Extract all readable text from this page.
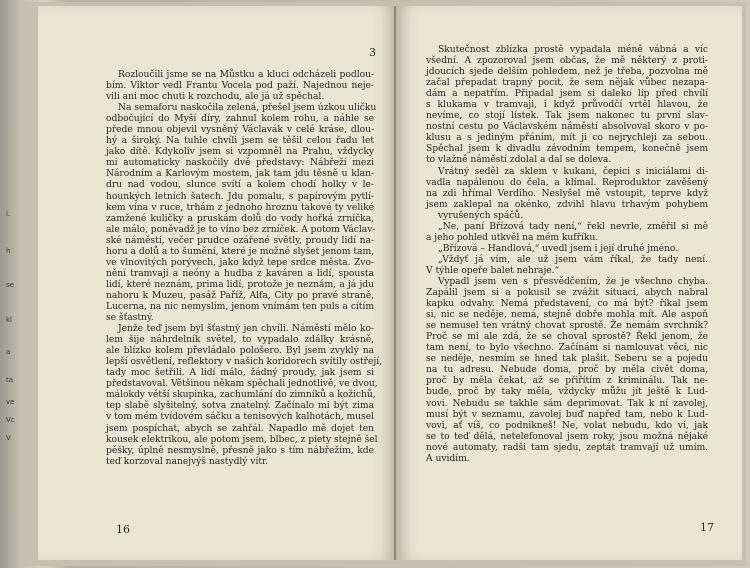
i.
h
se
kl
a
ta
ve
Vc
V
3
Rozloučili jsme se na Můstku a kluci odcházeli podlou-
bím. Viktor vedl Frantu Vocela pod paží. Najednou neje-
vili ani moc chuti k rozchodu, ale já už spěchal.
Na semaforu naskočila zelená, přešel jsem úzkou uličku
odbočující do Myší díry, zahnul kolem rohu, a náhle se
přede mnou objevil vysněný Václavák v celé kráse, dlou-
hý a široký. Na tuhle chvíli jsem se těšil celou řadu let
jako dítě. Kdykoliv jsem si vzpomněl na Prahu, vždycky
mi automaticky naskočily dvě představy: Nábřeží mezi
Národním a Karlovým mostem, jak tam jdu těsně u klan-
dru nad vodou, slunce svítí a kolem chodí holky v le-
hounkých letních šatech. Jdu pomalu, s papírovým pytlí-
kem vína v ruce, trhám z jednoho hroznu takové ty veliké
zamžené kuličky a pruskám dolů do vody hořká zrníčka,
ale málo, poněvadž je to víno bez zrníček. A potom Václav-
ské náměstí, večer prudce ozářené světly, proudy lidí na-
horu a dolů a to šumění, které je možné slyšet jenom tam,
ve vlnovitých porývech, jako když tepe srdce města. Zvo-
nění tramvají a neóny a hudba z kaváren a lidí, spousta
lidí, které neznám, prima lidí, protože je neznám, a já jdu
nahoru k Muzeu, pasáž Paříž, Alfa, City po pravé straně,
Lucerna, na nic nemyslím, jenom vnímám ten puls a cítím
se šťastný.
Jenže teď jsem byl šťastný jen chvíli. Náměstí mělo ko-
lem šije náhrdelník světel, to vypadalo zdálky krásně,
ale blízko kolem převládalo pološero. Byl jsem zvyklý na
lepší osvětlení, reflektory v našich koridorech svítily ostřejí,
tady moc šetřili. A lidí málo, žádný proudy, jak jsem si
představoval. Většinou někam spěchali jednotlivě, ve dvou,
málokdy větší skupinka, zachumlání do zimníků a kožichů,
tep slabě slyšitelný, sotva znatelný. Začínalo mi být zima
v tom mém tvídovém sáčku a tenisových kalhotách, musel
jsem pospíchat, abych se zahřál. Napadlo mě dojet ten
kousek elektrikou, ale potom jsem, blbec, z piety stejně šel
pěšky, úplně nesmyslně, přesně jako s tím nábřežím, kde
teď korzoval nanejvýš nastydlý vítr.
16
Skutečnost zblízka prostě vypadala méně vábná a víc
všední. A zpozoroval jsem občas, že mě některý z proti-
jdoucích sjede delším pohledem, než je třeba, pozvolna mě
začal přepadat trapný pocit, že sem nějak vůbec nezapa-
dám a nepatřím. Připadal jsem si daleko líp před chvílí
s klukama v tramvaji, i když průvodčí vrtěl hlavou, že
nevíme, co stojí lístek. Tak jsem nakonec tu první slav-
nostní cestu po Václavském náměstí absolvoval skoro v po-
klusu a s jediným přáním, mít ji co nejrychleji za sebou.
Spěchal jsem k divadlu závodním tempem, konečně jsem
to vlažně náměstí zdolal a dal se doleva.
Vrátný seděl za sklem v kukani, čepici s iniciálami di-
vadla napálenou do čela, a klímal. Reproduktor zavěšený
na zdi hřímal Verdiho. Neslyšel mě vstoupit, teprve když
jsem zaklepal na okénko, zdvihl hlavu trhavým pohybem
vyrušených spáčů.
„Ne, paní Břízová tady není,“ řekl nevrle, změřil si mě
a jeho pohled utkvěl na mém kufříku.
„Břízová – Handlová,“ uvedl jsem i její druhé jméno.
„Vždyť já vím, ale už jsem vám říkal, že tady není.
V týhle opeře balet nehraje.“
Vypadl jsem ven s přesvědčením, že je všechno chyba.
Zapálil jsem si a pokusil se zvážit situaci, abych nabral
kapku odvahy. Nemá představení, co má být? říkal jsem
si, nic se neděje, nemá, stejně dobře mohla mít. Ale aspoň
se nemusel ten vrátný chovat sprostě. Že nemám svrchník?
Proč se mi ale zdá, že se choval sprostě? Řekl jenom, že
tam není, to bylo všechno. Začínám si namlouvat věci, nic
se neděje, nesmím se hned tak plašit. Seberu se a pojedu
na tu adresu. Nebude doma, proč by měla civět doma,
proč by měla čekat, až se přiřítím z kriminálu. Tak ne-
bude, proč by taky měla, vždycky můžu jít ještě k Lud-
vovi. Nebudu se takhle sám deprimovat. Tak k ní zavolej,
musí být v seznamu, zavolej buď napřed tam, nebo k Lud-
vovi, ať víš, co podnikneš! Ne, volat nebudu, kdo ví, jak
se to teď dělá, netelefonoval jsem roky, jsou možná nějaké
nové automaty, radši tam sjedu, zeptát tramvají už umím.
A uvidím.
17
